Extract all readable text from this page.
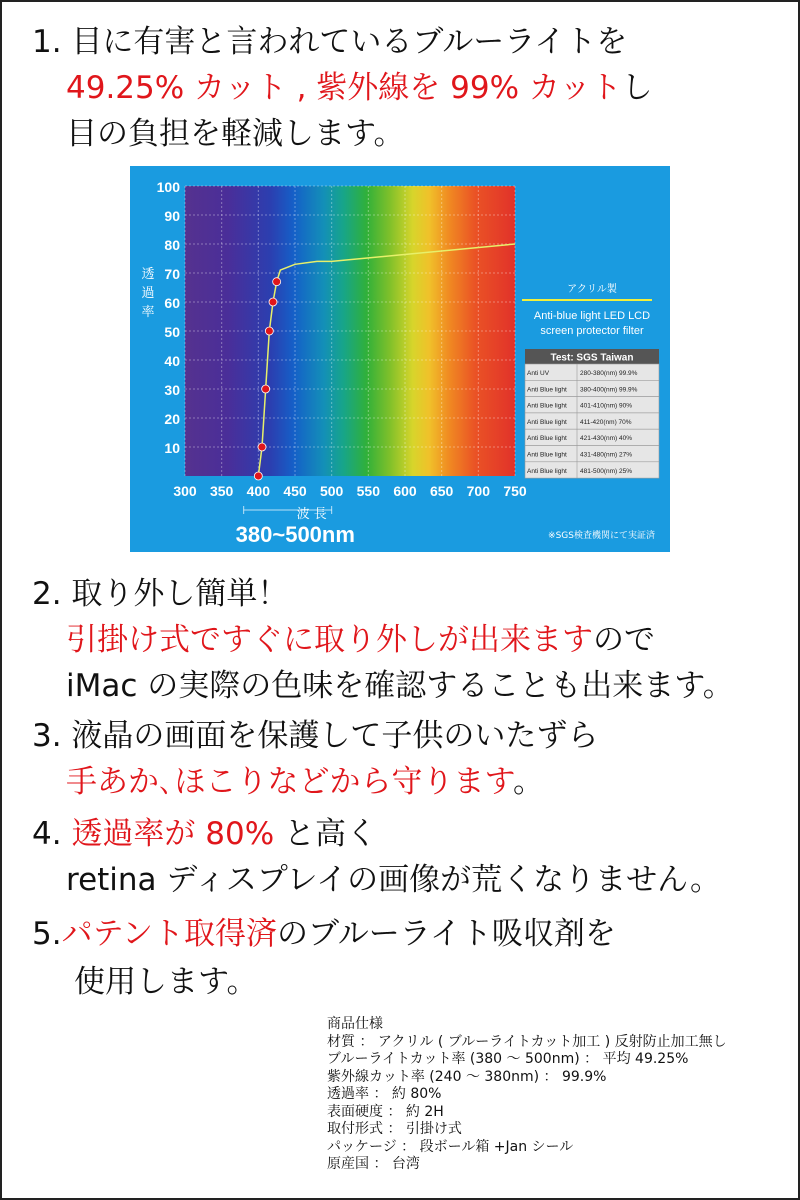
1. 目に有害と言われているブルーライトを
49.25% カット , 紫外線を 99% カットし
目の負担を軽減します。
10
20
30
40
50
60
70
80
90
100
300 350 400 450 500 550 600 650 700 750
透
過
率
波 長
380~500nm
アクリル製
Anti-blue light LED LCD
screen protector filter
Test: SGS Taiwan
Anti UV	280-380(nm) 99.9%
Anti Blue light 380-400(nm) 99.9%
Anti Blue light 401-410(nm) 90%
Anti Blue light 411-420(nm) 70%
Anti Blue light 421-430(nm) 40%
Anti Blue light 431-480(nm) 27%
Anti Blue light 481-500(nm) 25%
※SGS検査機関にて実証済
2. 取り外し簡単！
引掛け式ですぐに取り外しが出来ますので
iMac の実際の色味を確認することも出来ます。
3. 液晶の画面を保護して子供のいたずら
手あか､ほこりなどから守ります。
4. 透過率が 80% と高く
retina ディスプレイの画像が荒くなりません。
5.パテント取得済のブルーライト吸収剤を
使用します。
商品仕様
材質 ： アクリル ( ブルーライトカット加工 ) 反射防止加工無し
ブルーライトカット率 (380 ～ 500nm) ： 平均 49.25%
紫外線カット率 (240 ～ 380nm) ： 99.9%
透過率 ： 約 80%
表面硬度 ： 約 2H
取付形式 ： 引掛け式
パッケージ ： 段ボール箱 +Jan シール
原産国 ： 台湾
